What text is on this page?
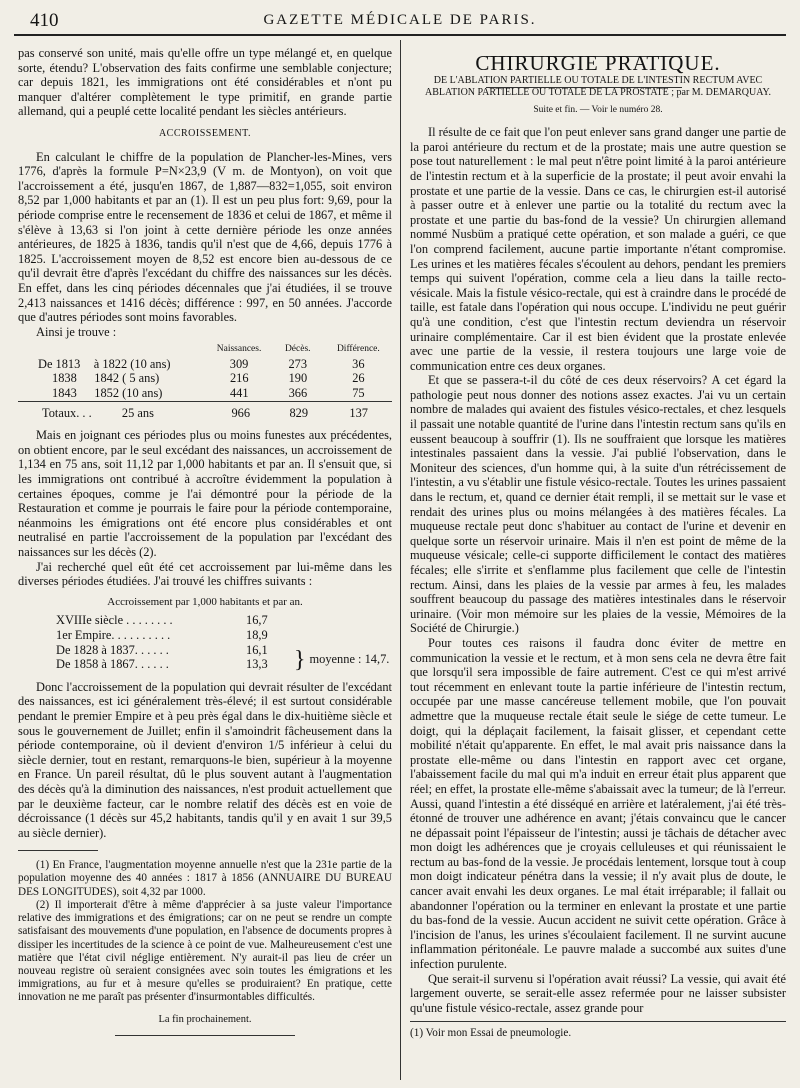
410	GAZETTE MÉDICALE DE PARIS.

pas conservé son unité, mais qu'elle offre un type mélangé et, en quelque sorte, étendu? L'observation des faits confirme une semblable conjecture; car depuis 1821, les immigrations ont été considérables et n'ont pu manquer d'altérer complètement le type primitif, en grande partie allemand, qui a peuplé cette localité pendant les siècles antérieurs.

ACCROISSEMENT.

En calculant le chiffre de la population de Plancher-les-Mines, vers 1776, d'après la formule P=N×23,9 (V m. de Montyon), on voit que l'accroissement a été, jusqu'en 1867, de 1,887—832=1,055, soit environ 8,52 par 1,000 habitants et par an (1). Il est un peu plus fort: 9,69, pour la période comprise entre le recensement de 1836 et celui de 1867, et même il s'élève à 13,63 si l'on joint à cette dernière période les onze années antérieures, de 1825 à 1836, tandis qu'il n'est que de 4,66, depuis 1776 à 1825. L'accroissement moyen de 8,52 est encore bien au-dessous de ce qu'il devrait être d'après l'excédant du chiffre des naissances sur les décès. En effet, dans les cinq périodes décennales que j'ai étudiées, il se trouve 2,413 naissances et 1416 décès; différence : 997, en 50 années. J'accorde que d'autres périodes sont moins favorables.

Ainsi je trouve :

Naissances.	Décès.	Différence.
De 1813	à 1822 (10 ans)	309	273	36
1838	1842 ( 5 ans)	216	190	26
1843	1852 (10 ans)	441	366	75
Totaux. . .	25 ans	966	829	137

Mais en joignant ces périodes plus ou moins funestes aux précédentes, on obtient encore, par le seul excédant des naissances, un accroissement de 1,134 en 75 ans, soit 11,12 par 1,000 habitants et par an. Il s'ensuit que, si les immigrations ont contribué à accroître évidemment la population à certaines époques, comme je l'ai démontré pour la période de la Restauration et comme je pourrais le faire pour la période contemporaine, néanmoins les émigrations ont été encore plus considérables et ont neutralisé en partie l'accroissement de la population par l'excédant des naissances sur les décès (2).

J'ai recherché quel eût été cet accroissement par lui-même dans les diverses périodes étudiées. J'ai trouvé les chiffres suivants :

Accroissement par 1,000 habitants et par an.
XVIIIe siècle . . . . . . . .	16,7
1er Empire. . . . . . . . . .	18,9
De 1828 à 1837. . . . . .	16,1
De 1858 à 1867. . . . . .	13,3	} moyenne : 14,7.

Donc l'accroissement de la population qui devrait résulter de l'excédant des naissances, est ici généralement très-élevé; il est surtout considérable pendant le premier Empire et à peu près égal dans le dix-huitième siècle et sous le gouvernement de Juillet; enfin il s'amoindrit fâcheusement dans la période contemporaine, où il devient d'environ 1/5 inférieur à celui du siècle dernier, tout en restant, remarquons-le bien, supérieur à la moyenne en France. Un pareil résultat, dû le plus souvent autant à l'augmentation des décès qu'à la diminution des naissances, n'est produit actuellement que par le deuxième facteur, car le nombre relatif des décès est en voie de décroissance (1 décès sur 45,2 habitants, tandis qu'il y en avait 1 sur 39,5 au siècle dernier).

(1) En France, l'augmentation moyenne annuelle n'est que la 231e partie de la population moyenne des 40 années : 1817 à 1856 (ANNUAIRE DU BUREAU DES LONGITUDES), soit 4,32 par 1000.

(2) Il importerait d'être à même d'apprécier à sa juste valeur l'importance relative des immigrations et des émigrations; car on ne peut se rendre un compte satisfaisant des mouvements d'une population, en l'absence de documents propres à dissiper les incertitudes de la science à ce point de vue. Malheureusement c'est une matière que l'état civil néglige entièrement. N'y aurait-il pas lieu de créer un nouveau registre où seraient consignées avec soin toutes les émigrations et les immigrations, au fur et à mesure qu'elles se produiraient? En pratique, cette innovation ne me paraît pas présenter d'insurmontables difficultés.

La fin prochainement.
CHIRURGIE PRATIQUE.
DE L'ABLATION PARTIELLE OU TOTALE DE L'INTESTIN RECTUM AVEC ABLATION PARTIELLE OU TOTALE DE LA PROSTATE ; par M. DEMARQUAY.
Suite et fin. — Voir le numéro 28.

Il résulte de ce fait que l'on peut enlever sans grand danger une partie de la paroi antérieure du rectum et de la prostate; mais une autre question se pose tout naturellement : le mal peut n'être point limité à la paroi antérieure de l'intestin rectum et à la superficie de la prostate; il peut avoir envahi la prostate et une partie de la vessie. Dans ce cas, le chirurgien est-il autorisé à passer outre et à enlever une partie ou la totalité du rectum avec la prostate et une partie du bas-fond de la vessie? Un chirurgien allemand nommé Nusbüm a pratiqué cette opération, et son malade a guéri, ce que l'on comprend facilement, aucune partie importante n'étant compromise. Les urines et les matières fécales s'écoulent au dehors, pendant les premiers temps qui suivent l'opération, comme cela a lieu dans la taille recto-vésicale. Mais la fistule vésico-rectale, qui est à craindre dans le procédé de taille, est fatale dans l'opération qui nous occupe. L'individu ne peut guérir qu'à une condition, c'est que l'intestin rectum deviendra un réservoir urinaire complémentaire. Car il est bien évident que la prostate enlevée avec une partie de la vessie, il restera toujours une large voie de communication entre ces deux organes.

Et que se passera-t-il du côté de ces deux réservoirs? A cet égard la pathologie peut nous donner des notions assez exactes. J'ai vu un certain nombre de malades qui avaient des fistules vésico-rectales, et chez lesquels il passait une notable quantité de l'urine dans l'intestin rectum sans qu'ils en eussent beaucoup à souffrir (1). Ils ne souffraient que lorsque les matières intestinales passaient dans la vessie. J'ai publié l'observation, dans le Moniteur des sciences, d'un homme qui, à la suite d'un rétrécissement de l'intestin, a vu s'établir une fistule vésico-rectale. Toutes les urines passaient dans le rectum, et, quand ce dernier était rempli, il se mettait sur le vase et rendait des urines plus ou moins mélangées à des matières fécales. La muqueuse rectale peut donc s'habituer au contact de l'urine et devenir en quelque sorte un réservoir urinaire. Mais il n'en est point de même de la muqueuse vésicale; celle-ci supporte difficilement le contact des matières fécales; elle s'irrite et s'enflamme plus facilement que celle de l'intestin rectum. Ainsi, dans les plaies de la vessie par armes à feu, les malades souffrent beaucoup du passage des matières intestinales dans le réservoir urinaire. (Voir mon mémoire sur les plaies de la vessie, Mémoires de la Société de Chirurgie.)

Pour toutes ces raisons il faudra donc éviter de mettre en communication la vessie et le rectum, et à mon sens cela ne devra être fait que lorsqu'il sera impossible de faire autrement. C'est ce qui m'est arrivé tout récemment en enlevant toute la partie inférieure de l'intestin rectum, occupée par une masse cancéreuse tellement mobile, que l'on pouvait admettre que la muqueuse rectale était seule le siége de cette tumeur. Le doigt, qui la déplaçait facilement, la faisait glisser, et cependant cette mobilité n'était qu'apparente. En effet, le mal avait pris naissance dans la prostate elle-même ou dans l'intestin en rapport avec cet organe, l'abaissement facile du mal qui m'a induit en erreur était plus apparent que réel; en effet, la prostate elle-même s'abaissait avec la tumeur; de là l'erreur. Aussi, quand l'intestin a été disséqué en arrière et latéralement, j'ai été très-étonné de trouver une adhérence en avant; j'étais convaincu que le cancer ne dépassait point l'épaisseur de l'intestin; aussi je tâchais de détacher avec mon doigt les adhérences que je croyais celluleuses et qui réunissaient le rectum au bas-fond de la vessie. Je procédais lentement, lorsque tout à coup mon doigt indicateur pénétra dans la vessie; il n'y avait plus de doute, le cancer avait envahi les deux organes. Le mal était irréparable; il fallait ou abandonner l'opération ou la terminer en enlevant la prostate et une partie du bas-fond de la vessie. Aucun accident ne suivit cette opération. Grâce à l'incision de l'anus, les urines s'écoulaient facilement. Il ne survint aucune inflammation péritonéale. Le pauvre malade a succombé aux suites d'une infection purulente.

Que serait-il survenu si l'opération avait réussi? La vessie, qui avait été largement ouverte, se serait-elle assez refermée pour ne laisser subsister qu'une fistule vésico-rectale, assez grande pour

(1) Voir mon Essai de pneumologie.
